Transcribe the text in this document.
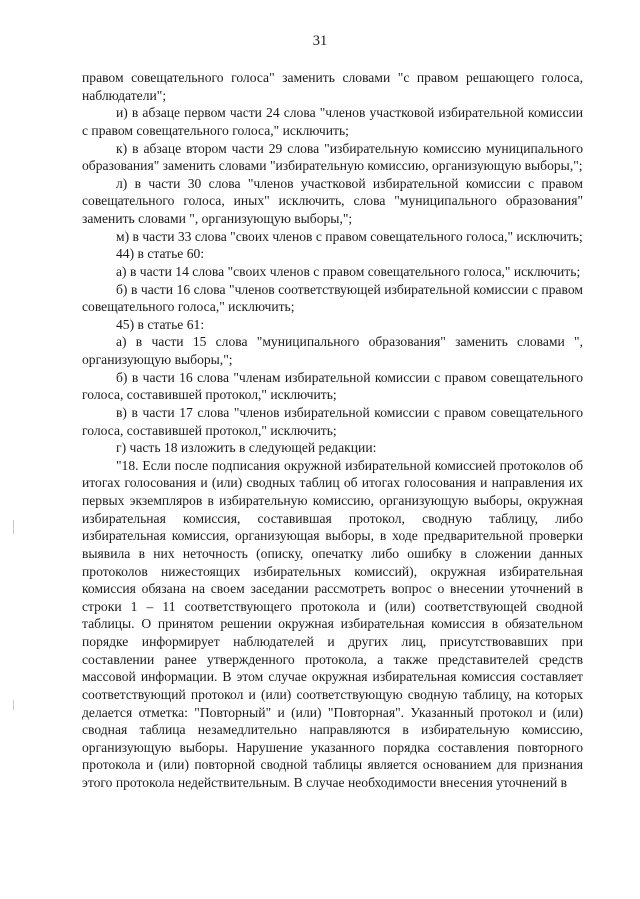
31

правом совещательного голоса" заменить словами "с правом решающего голоса, наблюдатели";

и) в абзаце первом части 24 слова "членов участковой избирательной комиссии с правом совещательного голоса," исключить;

к) в абзаце втором части 29 слова "избирательную комиссию муниципального образования" заменить словами "избирательную комиссию, организующую выборы,";

л) в части 30 слова "членов участковой избирательной комиссии с правом совещательного голоса, иных" исключить, слова "муниципального образования" заменить словами ", организующую выборы,";

м) в части 33 слова "своих членов с правом совещательного голоса," исключить;

44) в статье 60:

а) в части 14 слова "своих членов с правом совещательного голоса," исключить;

б) в части 16 слова "членов соответствующей избирательной комиссии с правом совещательного голоса," исключить;

45) в статье 61:

а) в части 15 слова "муниципального образования" заменить словами ", организующую выборы,";

б) в части 16 слова "членам избирательной комиссии с правом совещательного голоса, составившей протокол," исключить;

в) в части 17 слова "членов избирательной комиссии с правом совещательного голоса, составившей протокол," исключить;

г) часть 18 изложить в следующей редакции:

"18. Если после подписания окружной избирательной комиссией протоколов об итогах голосования и (или) сводных таблиц об итогах голосования и направления их первых экземпляров в избирательную комиссию, организующую выборы, окружная избирательная комиссия, составившая протокол, сводную таблицу, либо избирательная комиссия, организующая выборы, в ходе предварительной проверки выявила в них неточность (описку, опечатку либо ошибку в сложении данных протоколов нижестоящих избирательных комиссий), окружная избирательная комиссия обязана на своем заседании рассмотреть вопрос о внесении уточнений в строки 1 – 11 соответствующего протокола и (или) соответствующей сводной таблицы. О принятом решении окружная избирательная комиссия в обязательном порядке информирует наблюдателей и других лиц, присутствовавших при составлении ранее утвержденного протокола, а также представителей средств массовой информации. В этом случае окружная избирательная комиссия составляет соответствующий протокол и (или) соответствующую сводную таблицу, на которых делается отметка: "Повторный" и (или) "Повторная". Указанный протокол и (или) сводная таблица незамедлительно направляются в избирательную комиссию, организующую выборы. Нарушение указанного порядка составления повторного протокола и (или) повторной сводной таблицы является основанием для признания этого протокола недействительным. В случае необходимости внесения уточнений в
